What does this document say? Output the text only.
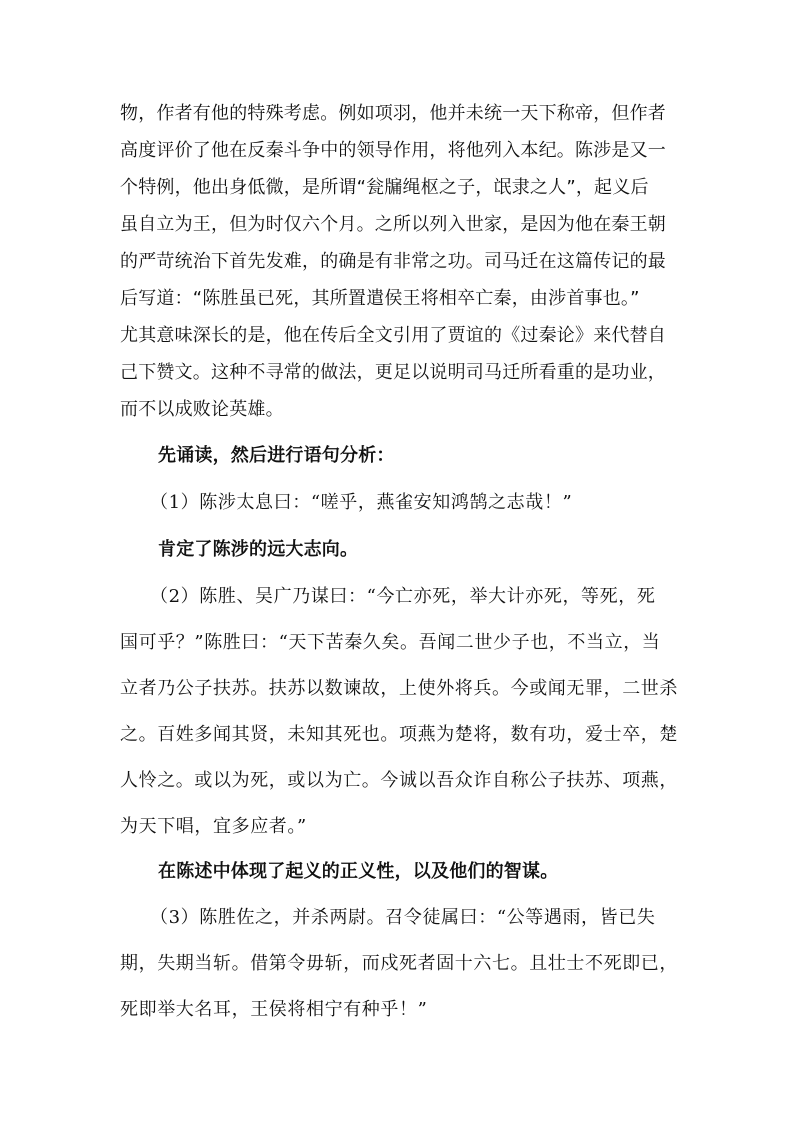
物，作者有他的特殊考虑。例如项羽，他并未统一天下称帝，但作者
高度评价了他在反秦斗争中的领导作用，将他列入本纪。陈涉是又一
个特例，他出身低微，是所谓“瓮牖绳枢之子，氓隶之人”，起义后
虽自立为王，但为时仅六个月。之所以列入世家，是因为他在秦王朝
的严苛统治下首先发难，的确是有非常之功。司马迁在这篇传记的最
后写道：“陈胜虽已死，其所置遣侯王将相卒亡秦，由涉首事也。”
尤其意味深长的是，他在传后全文引用了贾谊的《过秦论》来代替自
己下赞文。这种不寻常的做法，更足以说明司马迁所看重的是功业，
而不以成败论英雄。
先诵读，然后进行语句分析：
（1）陈涉太息曰：“嗟乎，燕雀安知鸿鹄之志哉！”
肯定了陈涉的远大志向。
（2）陈胜、吴广乃谋曰：“今亡亦死，举大计亦死，等死，死
国可乎？”陈胜曰：“天下苦秦久矣。吾闻二世少子也，不当立，当
立者乃公子扶苏。扶苏以数谏故，上使外将兵。今或闻无罪，二世杀
之。百姓多闻其贤，未知其死也。项燕为楚将，数有功，爱士卒，楚
人怜之。或以为死，或以为亡。今诚以吾众诈自称公子扶苏、项燕，
为天下唱，宜多应者。”
在陈述中体现了起义的正义性，以及他们的智谋。
（3）陈胜佐之，并杀两尉。召令徒属曰：“公等遇雨，皆已失
期，失期当斩。借第令毋斩，而戍死者固十六七。且壮士不死即已，
死即举大名耳，王侯将相宁有种乎！”
